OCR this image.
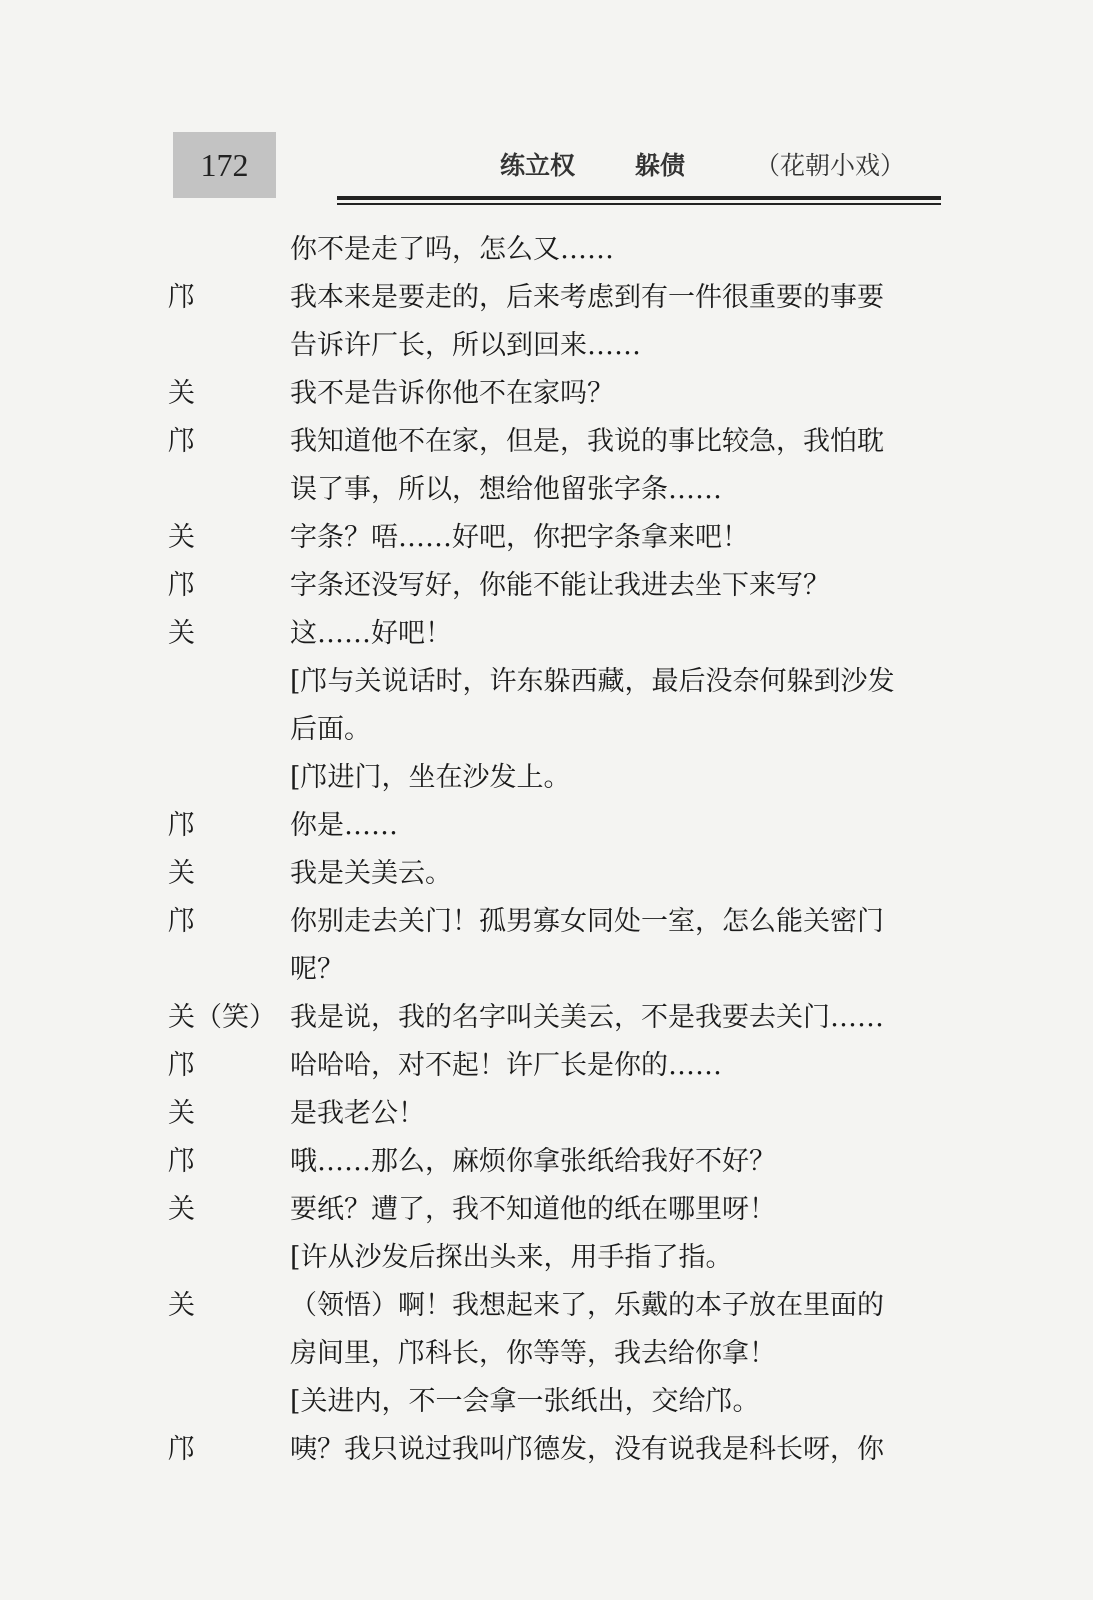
172	练立权 躲债	（花朝小戏）
你不是走了吗，怎么又……
邝	我本来是要走的，后来考虑到有一件很重要的事要
告诉许厂长，所以到回来……
关	我不是告诉你他不在家吗？
邝	我知道他不在家，但是，我说的事比较急，我怕耽
误了事，所以，想给他留张字条……
关	字条？唔……好吧，你把字条拿来吧！
邝	字条还没写好，你能不能让我进去坐下来写？
关	这……好吧！
[邝与关说话时，许东躲西藏，最后没奈何躲到沙发
后面。
[邝进门，坐在沙发上。
邝	你是……
关	我是关美云。
邝	你别走去关门！孤男寡女同处一室，怎么能关密门
呢？
关（笑） 我是说，我的名字叫关美云，不是我要去关门……
邝	哈哈哈，对不起！许厂长是你的……
关	是我老公！
邝	哦……那么，麻烦你拿张纸给我好不好？
关	要纸？遭了，我不知道他的纸在哪里呀！
[许从沙发后探出头来，用手指了指。
关	（领悟）啊！我想起来了，乐戴的本子放在里面的
房间里，邝科长，你等等，我去给你拿！
[关进内，不一会拿一张纸出，交给邝。
邝	咦？我只说过我叫邝德发，没有说我是科长呀，你
